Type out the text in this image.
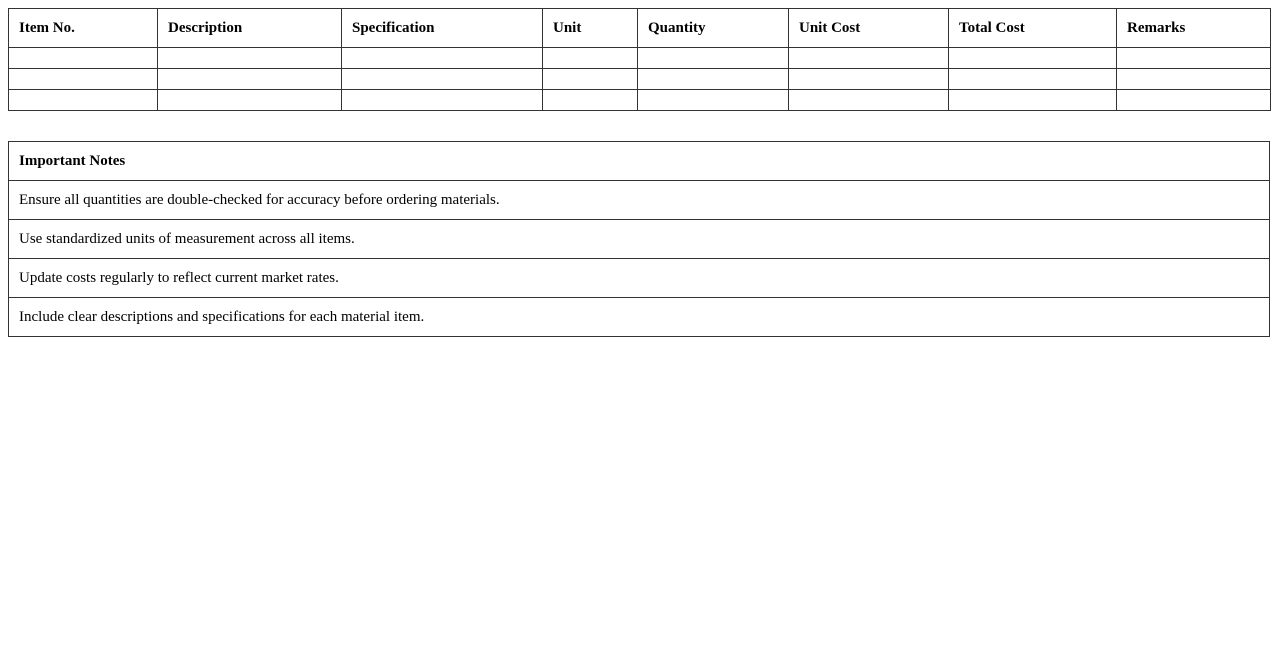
Item No.	Description	Specification	Unit	Quantity	Unit Cost	Total Cost	Remarks

Important Notes
Ensure all quantities are double-checked for accuracy before ordering materials.
Use standardized units of measurement across all items.
Update costs regularly to reflect current market rates.
Include clear descriptions and specifications for each material item.
